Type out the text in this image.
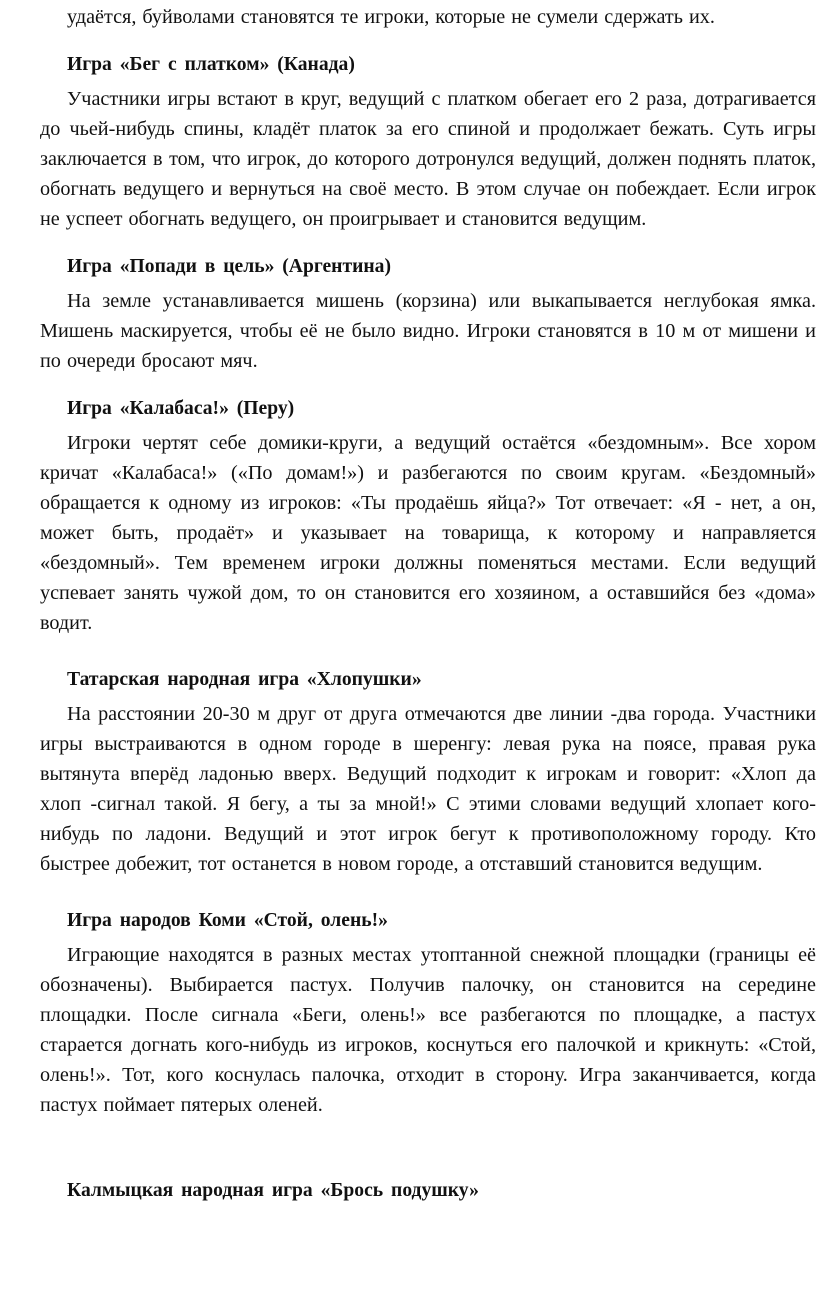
удаётся, буйволами становятся те игроки, которые не сумели сдержать их.

Игра «Бег с платком» (Канада)

Участники игры встают в круг, ведущий с платком обегает его 2 раза, дотрагивается до чьей-нибудь спины, кладёт платок за его спиной и продолжает бежать. Суть игры заключается в том, что игрок, до которого дотронулся ведущий, должен поднять платок, обогнать ведущего и вернуться на своё место. В этом случае он побеждает. Если игрок не успеет обогнать ведущего, он проигрывает и становится ведущим.

Игра «Попади в цель» (Аргентина)

На земле устанавливается мишень (корзина) или выкапывается неглубокая ямка. Мишень маскируется, чтобы её не было видно. Игроки становятся в 10 м от мишени и по очереди бросают мяч.

Игра «Калабаса!» (Перу)

Игроки чертят себе домики-круги, а ведущий остаётся «бездомным». Все хором кричат «Калабаса!» («По домам!») и разбегаются по своим кругам. «Бездомный» обращается к одному из игроков: «Ты продаёшь яйца?» Тот отвечает: «Я - нет, а он, может быть, продаёт» и указывает на товарища, к которому и направляется «бездомный». Тем временем игроки должны поменяться местами. Если ведущий успевает занять чужой дом, то он становится его хозяином, а оставшийся без «дома» водит.

Татарская народная игра «Хлопушки»

На расстоянии 20-30 м друг от друга отмечаются две линии -два города. Участники игры выстраиваются в одном городе в шеренгу: левая рука на поясе, правая рука вытянута вперёд ладонью вверх. Ведущий подходит к игрокам и говорит: «Хлоп да хлоп -сигнал такой. Я бегу, а ты за мной!» С этими словами ведущий хлопает кого-нибудь по ладони. Ведущий и этот игрок бегут к противоположному городу. Кто быстрее добежит, тот останется в новом городе, а отставший становится ведущим.

Игра народов Коми «Стой, олень!»

Играющие находятся в разных местах утоптанной снежной площадки (границы её обозначены). Выбирается пастух. Получив палочку, он становится на середине площадки. После сигнала «Беги, олень!» все разбегаются по площадке, а пастух старается догнать кого-нибудь из игроков, коснуться его палочкой и крикнуть: «Стой, олень!». Тот, кого коснулась палочка, отходит в сторону. Игра заканчивается, когда пастух поймает пятерых оленей.

Калмыцкая народная игра «Брось подушку»
